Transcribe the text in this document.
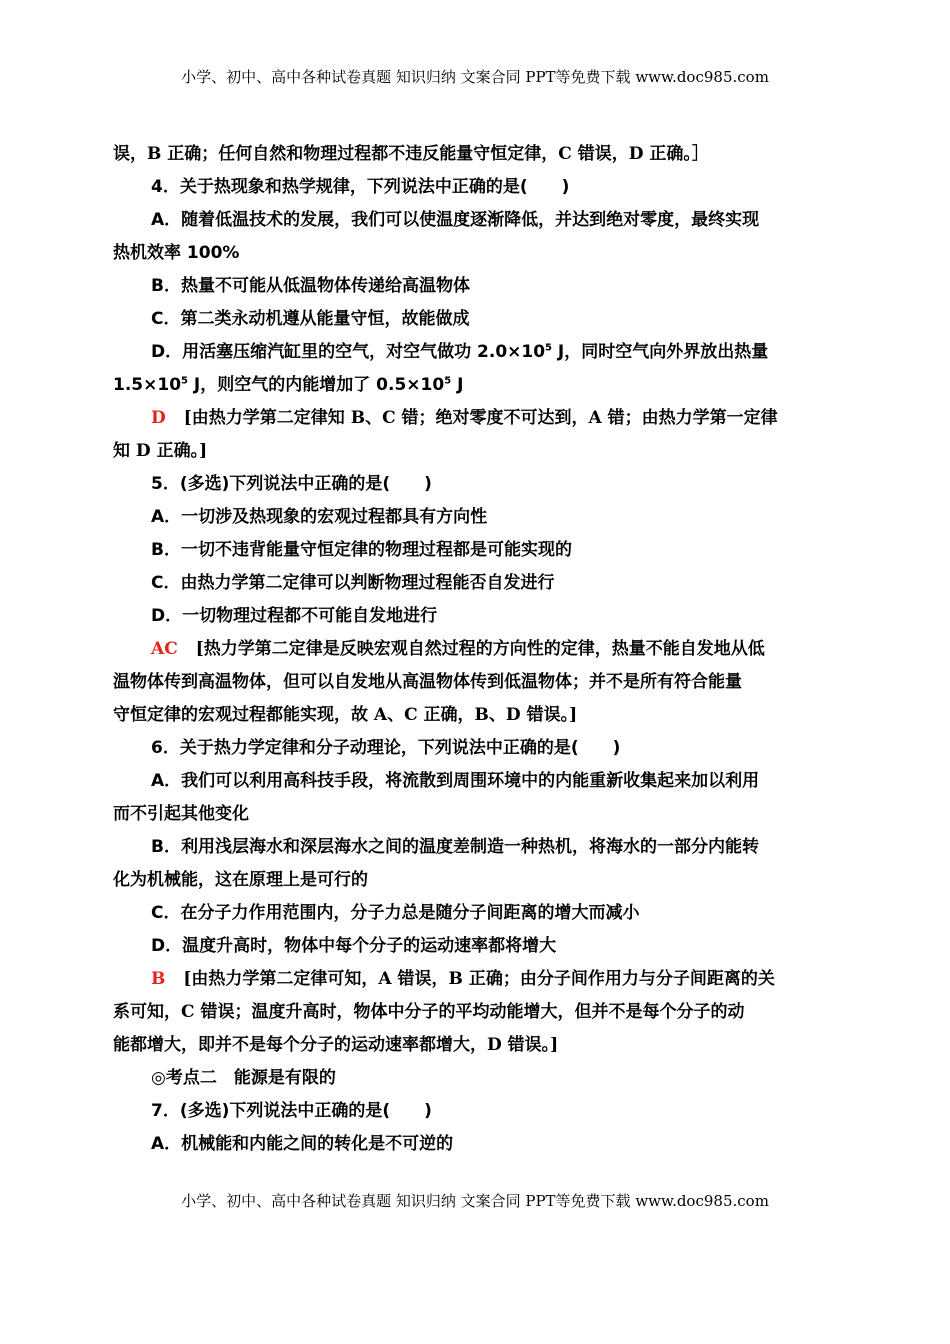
小学、初中、高中各种试卷真题 知识归纳 文案合同 PPT等免费下载 www.doc985.com
误，B 正确；任何自然和物理过程都不违反能量守恒定律，C 错误，D 正确。］
4．关于热现象和热学规律，下列说法中正确的是(　　)
A．随着低温技术的发展，我们可以使温度逐渐降低，并达到绝对零度，最终实现
热机效率 100%
B．热量不可能从低温物体传递给高温物体
C．第二类永动机遵从能量守恒，故能做成
D．用活塞压缩汽缸里的空气，对空气做功 $2.0\times 10^5$ J，同时空气向外界放出热量
$1.5\times 10^5$ J，则空气的内能增加了 $0.5\times 10^5$ J
D [由热力学第二定律知 B、C 错；绝对零度不可达到，A 错；由热力学第一定律
知 D 正确。]
5．(多选)下列说法中正确的是(　　)
A．一切涉及热现象的宏观过程都具有方向性
B．一切不违背能量守恒定律的物理过程都是可能实现的
C．由热力学第二定律可以判断物理过程能否自发进行
D．一切物理过程都不可能自发地进行
AC [热力学第二定律是反映宏观自然过程的方向性的定律，热量不能自发地从低
温物体传到高温物体，但可以自发地从高温物体传到低温物体；并不是所有符合能量
守恒定律的宏观过程都能实现，故 A、C 正确，B、D 错误。]
6．关于热力学定律和分子动理论，下列说法中正确的是(　　)
A．我们可以利用高科技手段，将流散到周围环境中的内能重新收集起来加以利用
而不引起其他变化
B．利用浅层海水和深层海水之间的温度差制造一种热机，将海水的一部分内能转
化为机械能，这在原理上是可行的
C．在分子力作用范围内，分子力总是随分子间距离的增大而减小
D．温度升高时，物体中每个分子的运动速率都将增大
B [由热力学第二定律可知，A 错误，B 正确；由分子间作用力与分子间距离的关
系可知，C 错误；温度升高时，物体中分子的平均动能增大，但并不是每个分子的动
能都增大，即并不是每个分子的运动速率都增大，D 错误。]
◎考点二　能源是有限的
7．(多选)下列说法中正确的是(　　)
A．机械能和内能之间的转化是不可逆的
小学、初中、高中各种试卷真题 知识归纳 文案合同 PPT等免费下载 www.doc985.com
